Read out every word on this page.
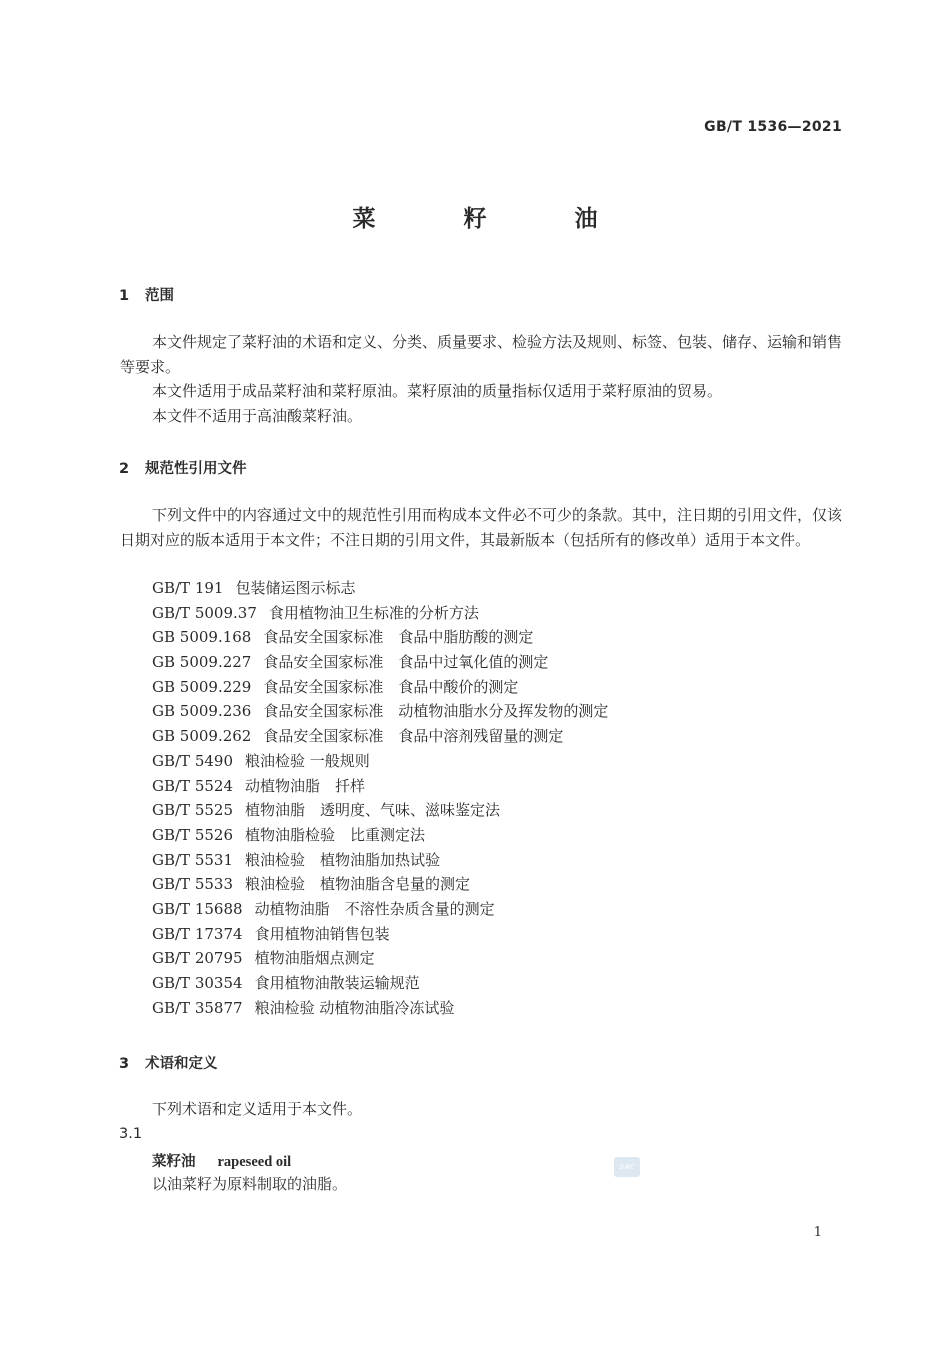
GB/T 1536—2021
菜 籽 油
1 范围

本文件规定了菜籽油的术语和定义、分类、质量要求、检验方法及规则、标签、包装、储存、运输和销售等要求。

本文件适用于成品菜籽油和菜籽原油。菜籽原油的质量指标仅适用于菜籽原油的贸易。

本文件不适用于高油酸菜籽油。

2 规范性引用文件

下列文件中的内容通过文中的规范性引用而构成本文件必不可少的条款。其中，注日期的引用文件，仅该日期对应的版本适用于本文件；不注日期的引用文件，其最新版本（包括所有的修改单）适用于本文件。

GB/T 191 包装储运图示标志
GB/T 5009.37 食用植物油卫生标准的分析方法
GB 5009.168 食品安全国家标准　食品中脂肪酸的测定
GB 5009.227 食品安全国家标准　食品中过氧化值的测定
GB 5009.229 食品安全国家标准　食品中酸价的测定
GB 5009.236 食品安全国家标准　动植物油脂水分及挥发物的测定
GB 5009.262 食品安全国家标准　食品中溶剂残留量的测定
GB/T 5490 粮油检验 一般规则
GB/T 5524 动植物油脂　扦样
GB/T 5525 植物油脂　透明度、气味、滋味鉴定法
GB/T 5526 植物油脂检验　比重测定法
GB/T 5531 粮油检验　植物油脂加热试验
GB/T 5533 粮油检验　植物油脂含皂量的测定
GB/T 15688 动植物油脂　不溶性杂质含量的测定
GB/T 17374 食用植物油销售包装
GB/T 20795 植物油脂烟点测定
GB/T 30354 食用植物油散装运输规范
GB/T 35877 粮油检验 动植物油脂冷冻试验
3 术语和定义

下列术语和定义适用于本文件。

3.1
菜籽油 rapeseed oil
以油菜籽为原料制取的油脂。
SAC
1
